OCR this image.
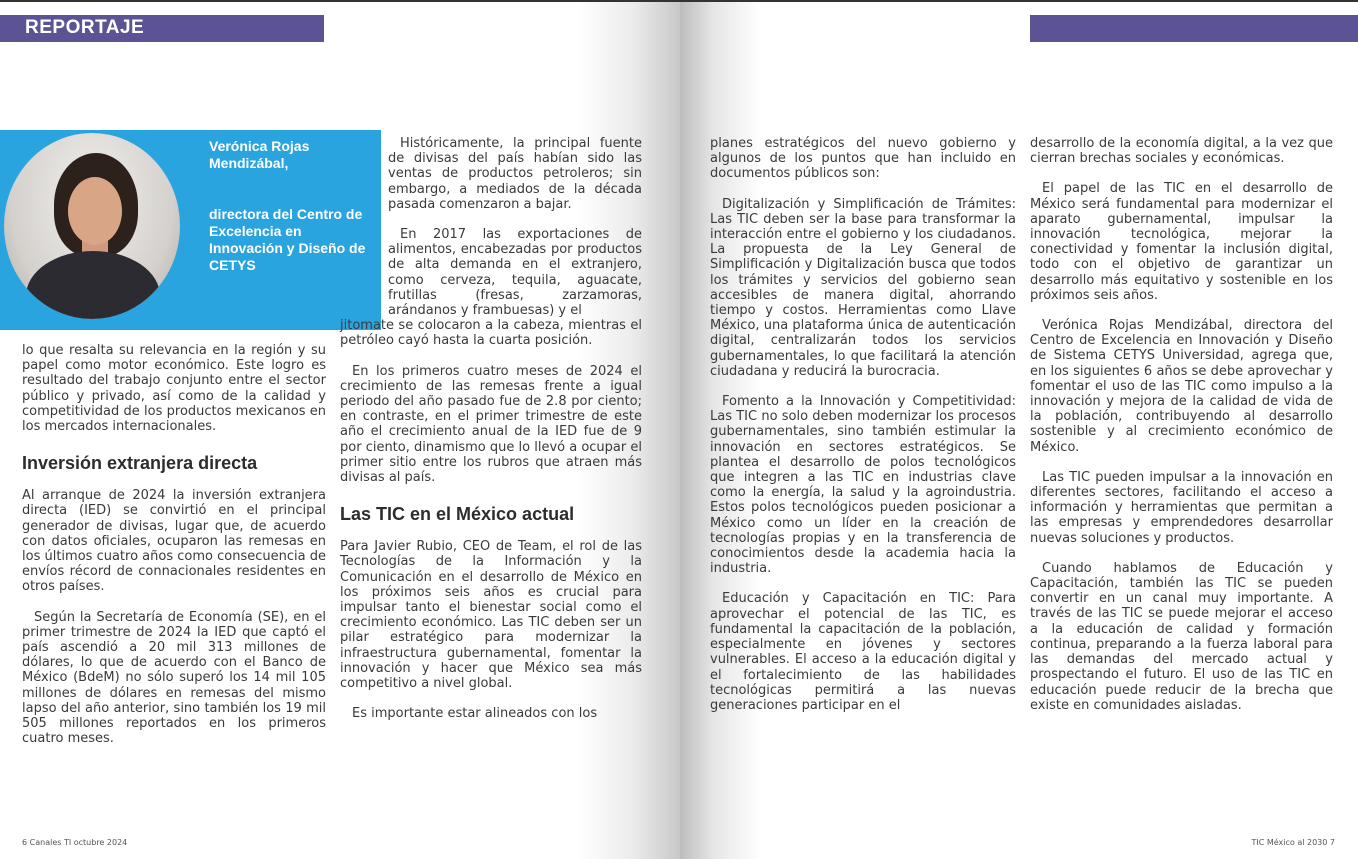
REPORTAJE
Verónica Rojas Mendizábal,
directora del Centro de Excelencia en Innovación y Diseño de CETYS

lo que resalta su relevancia en la región y su papel como motor económico. Este logro es resultado del trabajo conjunto entre el sector público y privado, así como de la calidad y competitividad de los productos mexicanos en los mercados internacionales.

Inversión extranjera directa

Al arranque de 2024 la inversión extranjera directa (IED) se convirtió en el principal generador de divisas, lugar que, de acuerdo con datos oficiales, ocuparon las remesas en los últimos cuatro años como consecuencia de envíos récord de connacionales residentes en otros países.

Según la Secretaría de Economía (SE), en el primer trimestre de 2024 la IED que captó el país ascendió a 20 mil 313 millones de dólares, lo que de acuerdo con el Banco de México (BdeM) no sólo superó los 14 mil 105 millones de dólares en remesas del mismo lapso del año anterior, sino también los 19 mil 505 millones reportados en los primeros cuatro meses.

Históricamente, la principal fuente de divisas del país habían sido las ventas de productos petroleros; sin embargo, a mediados de la década pasada comenzaron a bajar.

En 2017 las exportaciones de alimentos, encabezadas por productos de alta demanda en el extranjero, como cerveza, tequila, aguacate, frutillas (fresas, zarzamoras, arándanos y frambuesas) y el

jitomate se colocaron a la cabeza, mientras el petróleo cayó hasta la cuarta posición.

En los primeros cuatro meses de 2024 el crecimiento de las remesas frente a igual periodo del año pasado fue de 2.8 por ciento; en contraste, en el primer trimestre de este año el crecimiento anual de la IED fue de 9 por ciento, dinamismo que lo llevó a ocupar el primer sitio entre los rubros que atraen más divisas al país.

Las TIC en el México actual

Para Javier Rubio, CEO de Team, el rol de las Tecnologías de la Información y la Comunicación en el desarrollo de México en los próximos seis años es crucial para impulsar tanto el bienestar social como el crecimiento económico. Las TIC deben ser un pilar estratégico para modernizar la infraestructura gubernamental, fomentar la innovación y hacer que México sea más competitivo a nivel global.

Es importante estar alineados con los

6 Canales TI octubre 2024	TIC México al 2030 7

planes estratégicos del nuevo gobierno y algunos de los puntos que han incluido en documentos públicos son:

Digitalización y Simplificación de Trámites: Las TIC deben ser la base para transformar la interacción entre el gobierno y los ciudadanos. La propuesta de la Ley General de Simplificación y Digitalización busca que todos los trámites y servicios del gobierno sean accesibles de manera digital, ahorrando tiempo y costos. Herramientas como Llave México, una plataforma única de autenticación digital, centralizarán todos los servicios gubernamentales, lo que facilitará la atención ciudadana y reducirá la burocracia.

Fomento a la Innovación y Competitividad: Las TIC no solo deben modernizar los procesos gubernamentales, sino también estimular la innovación en sectores estratégicos. Se plantea el desarrollo de polos tecnológicos que integren a las TIC en industrias clave como la energía, la salud y la agroindustria. Estos polos tecnológicos pueden posicionar a México como un líder en la creación de tecnologías propias y en la transferencia de conocimientos desde la academia hacia la industria.

Educación y Capacitación en TIC: Para aprovechar el potencial de las TIC, es fundamental la capacitación de la población, especialmente en jóvenes y sectores vulnerables. El acceso a la educación digital y el fortalecimiento de las habilidades tecnológicas permitirá a las nuevas generaciones participar en el

desarrollo de la economía digital, a la vez que cierran brechas sociales y económicas.

El papel de las TIC en el desarrollo de México será fundamental para modernizar el aparato gubernamental, impulsar la innovación tecnológica, mejorar la conectividad y fomentar la inclusión digital, todo con el objetivo de garantizar un desarrollo más equitativo y sostenible en los próximos seis años.

Verónica Rojas Mendizábal, directora del Centro de Excelencia en Innovación y Diseño de Sistema CETYS Universidad, agrega que, en los siguientes 6 años se debe aprovechar y fomentar el uso de las TIC como impulso a la innovación y mejora de la calidad de vida de la población, contribuyendo al desarrollo sostenible y al crecimiento económico de México.

Las TIC pueden impulsar a la innovación en diferentes sectores, facilitando el acceso a información y herramientas que permitan a las empresas y emprendedores desarrollar nuevas soluciones y productos.

Cuando hablamos de Educación y Capacitación, también las TIC se pueden convertir en un canal muy importante. A través de las TIC se puede mejorar el acceso a la educación de calidad y formación continua, preparando a la fuerza laboral para las demandas del mercado actual y prospectando el futuro. El uso de las TIC en educación puede reducir de la brecha que existe en comunidades aisladas.
